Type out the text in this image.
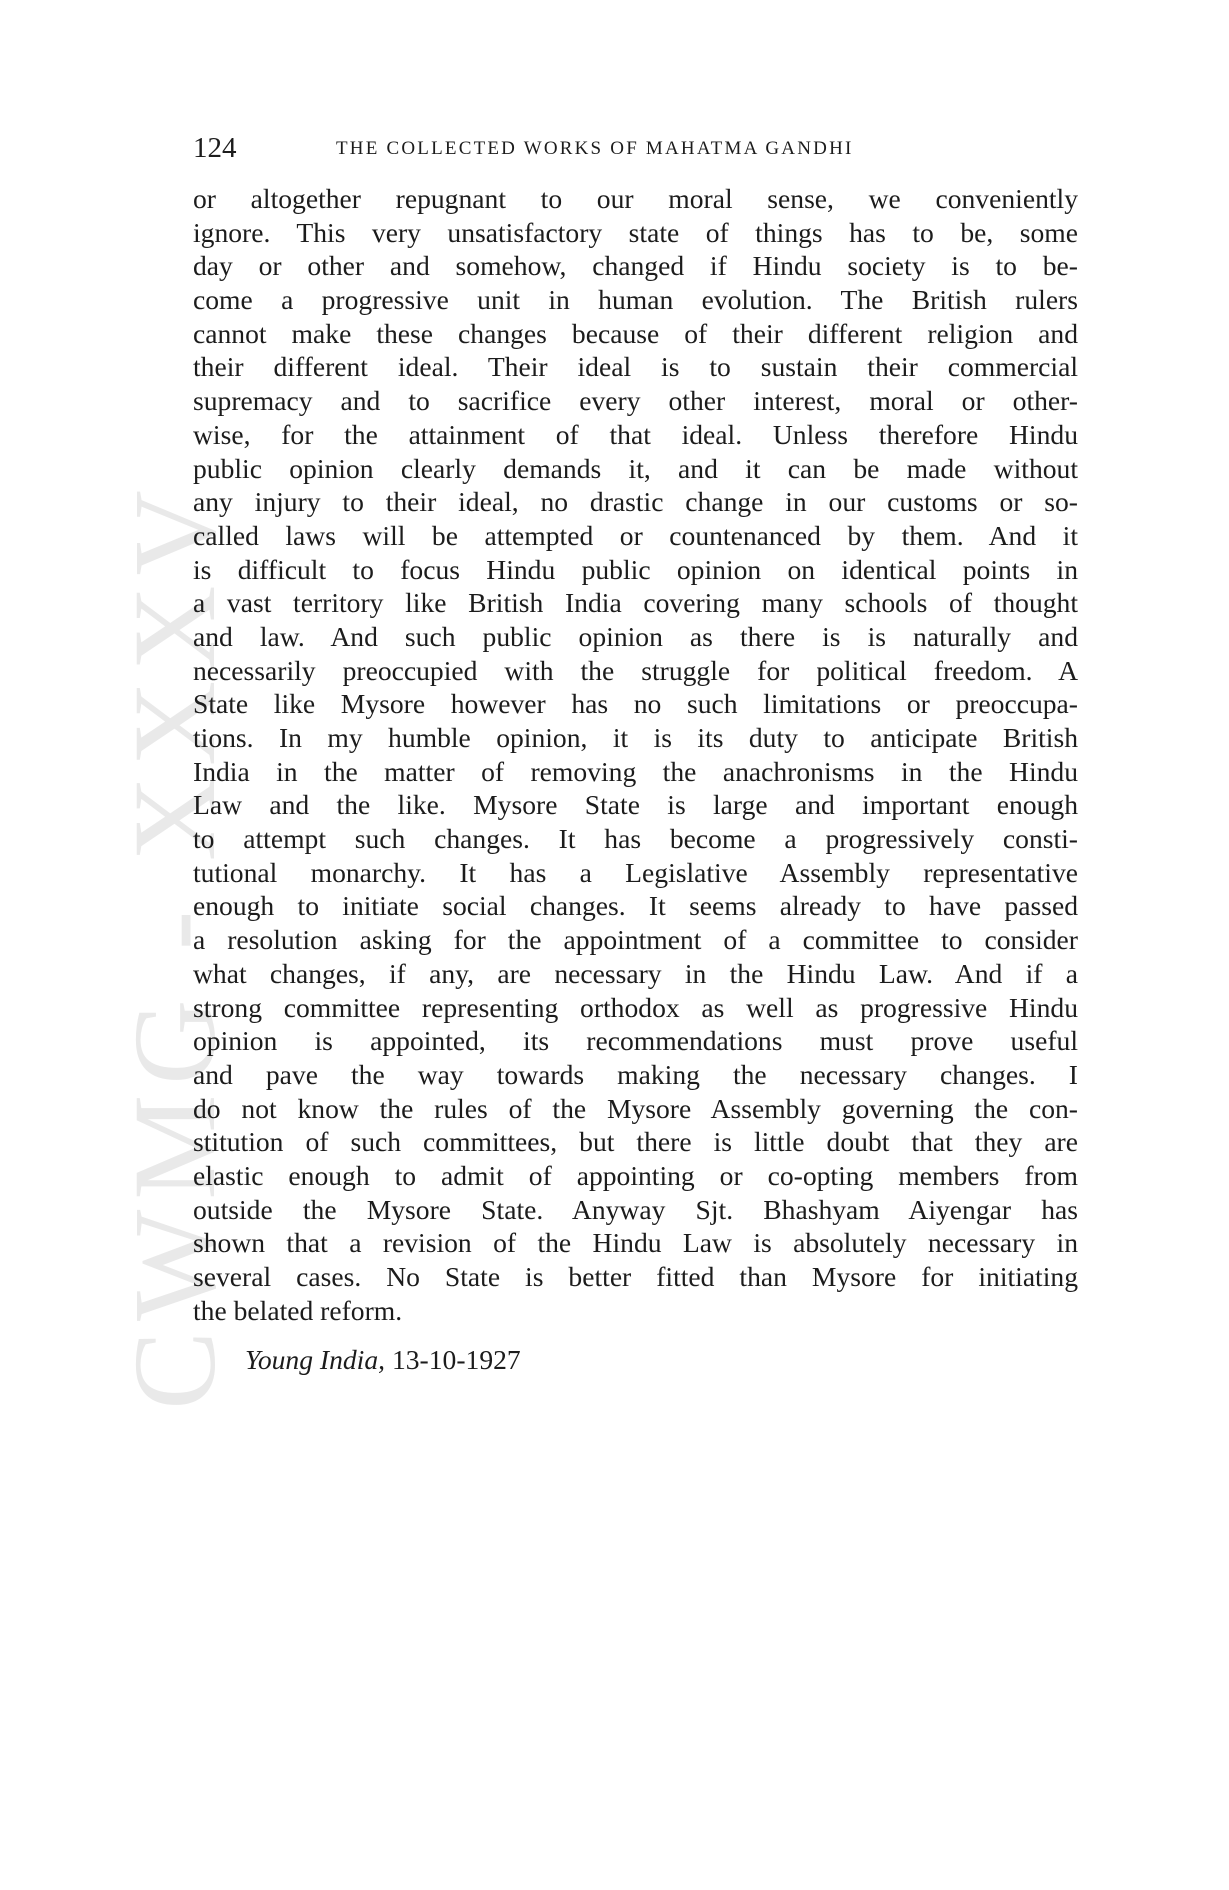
CWMG - XXXV
124	THE COLLECTED WORKS OF MAHATMA GANDHI
or altogether repugnant to our moral sense, we conveniently
ignore. This very unsatisfactory state of things has to be, some
day or other and somehow, changed if Hindu society is to be-
come a progressive unit in human evolution. The British rulers
cannot make these changes because of their different religion and
their different ideal. Their ideal is to sustain their commercial
supremacy and to sacrifice every other interest, moral or other-
wise, for the attainment of that ideal. Unless therefore Hindu
public opinion clearly demands it, and it can be made without
any injury to their ideal, no drastic change in our customs or so-
called laws will be attempted or countenanced by them. And it
is difficult to focus Hindu public opinion on identical points in
a vast territory like British India covering many schools of thought
and law. And such public opinion as there is is naturally and
necessarily preoccupied with the struggle for political freedom. A
State like Mysore however has no such limitations or preoccupa-
tions. In my humble opinion, it is its duty to anticipate British
India in the matter of removing the anachronisms in the Hindu
Law and the like. Mysore State is large and important enough
to attempt such changes. It has become a progressively consti-
tutional monarchy. It has a Legislative Assembly representative
enough to initiate social changes. It seems already to have passed
a resolution asking for the appointment of a committee to consider
what changes, if any, are necessary in the Hindu Law. And if a
strong committee representing orthodox as well as progressive Hindu
opinion is appointed, its recommendations must prove useful
and pave the way towards making the necessary changes. I
do not know the rules of the Mysore Assembly governing the con-
stitution of such committees, but there is little doubt that they are
elastic enough to admit of appointing or co-opting members from
outside the Mysore State. Anyway Sjt. Bhashyam Aiyengar has
shown that a revision of the Hindu Law is absolutely necessary in
several cases. No State is better fitted than Mysore for initiating
the belated reform.
Young India, 13-10-1927
